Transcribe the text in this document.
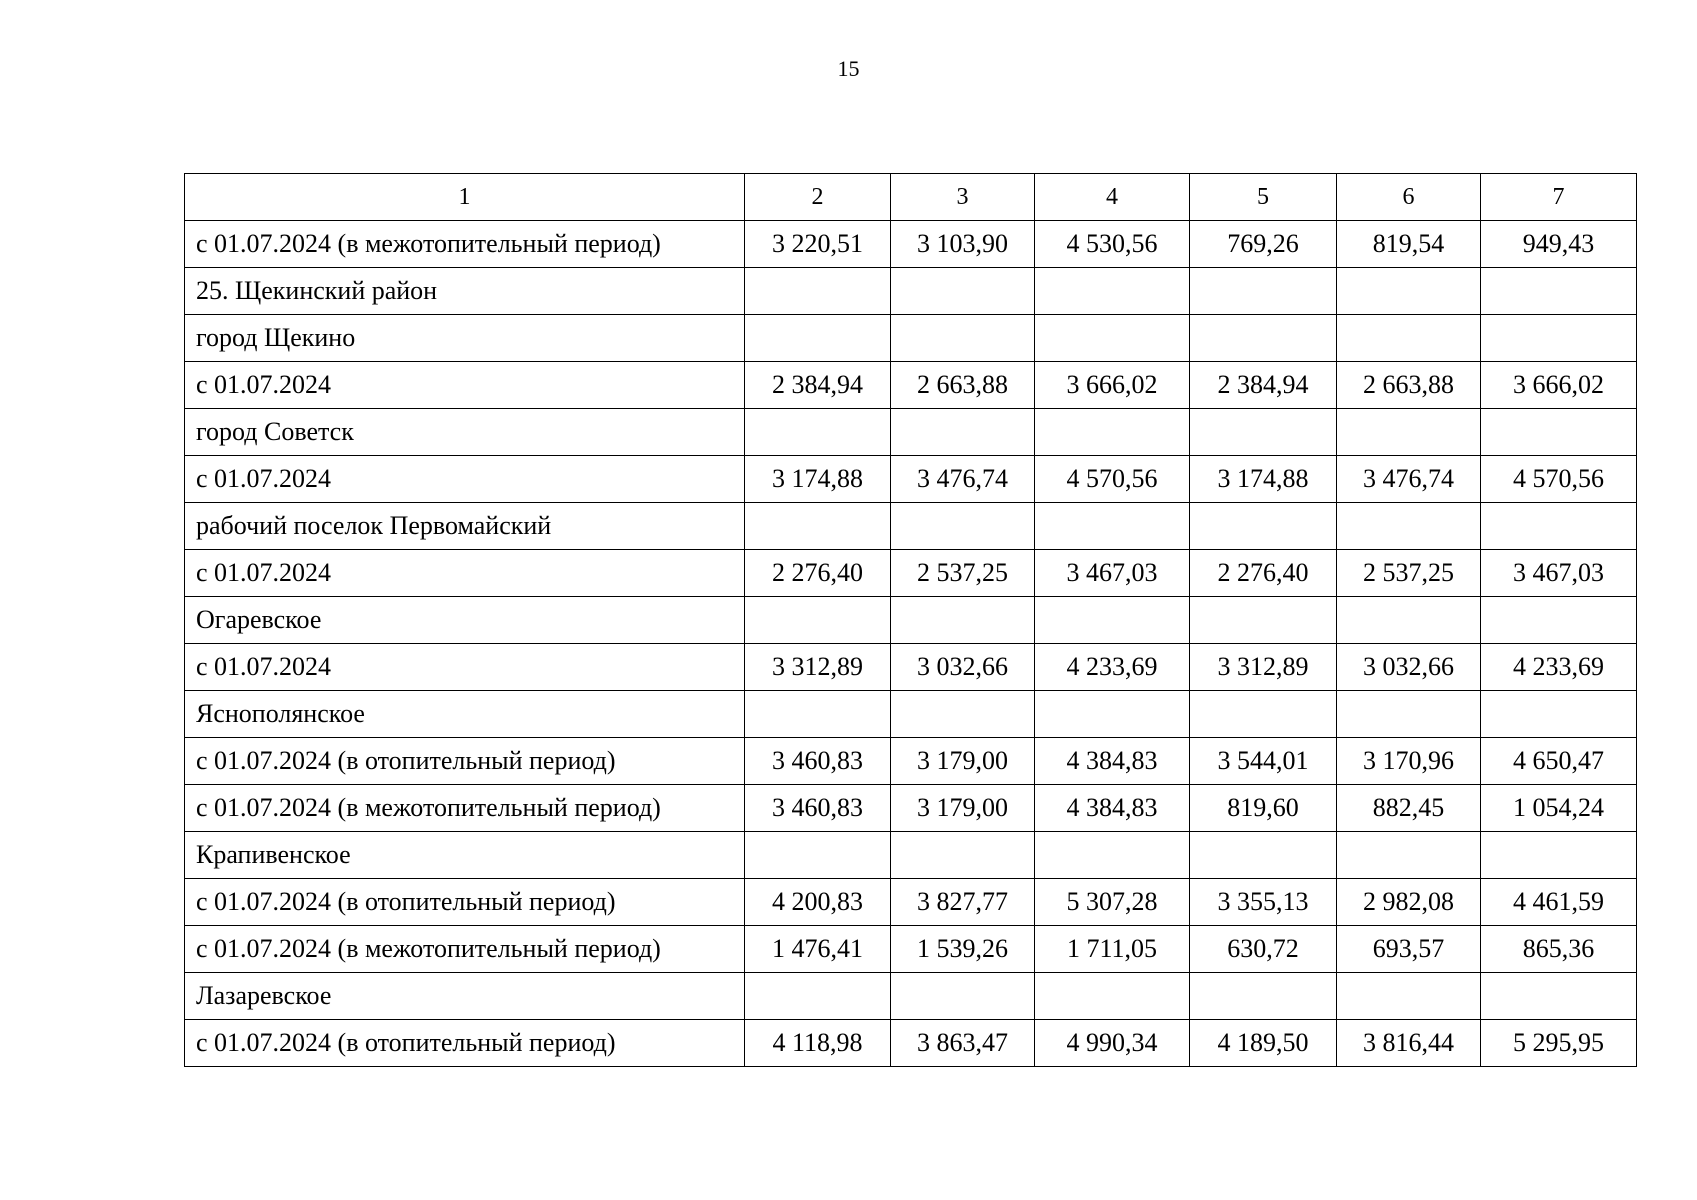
15
1	2	3	4	5	6	7
с 01.07.2024 (в межотопительный период)	3 220,51	3 103,90	4 530,56	769,26	819,54	949,43
25. Щекинский район						
город Щекино						
с 01.07.2024	2 384,94	2 663,88	3 666,02	2 384,94	2 663,88	3 666,02
город Советск						
с 01.07.2024	3 174,88	3 476,74	4 570,56	3 174,88	3 476,74	4 570,56
рабочий поселок Первомайский						
с 01.07.2024	2 276,40	2 537,25	3 467,03	2 276,40	2 537,25	3 467,03
Огаревское						
с 01.07.2024	3 312,89	3 032,66	4 233,69	3 312,89	3 032,66	4 233,69
Яснополянское						
с 01.07.2024 (в отопительный период)	3 460,83	3 179,00	4 384,83	3 544,01	3 170,96	4 650,47
с 01.07.2024 (в межотопительный период)	3 460,83	3 179,00	4 384,83	819,60	882,45	1 054,24
Крапивенское						
с 01.07.2024 (в отопительный период)	4 200,83	3 827,77	5 307,28	3 355,13	2 982,08	4 461,59
с 01.07.2024 (в межотопительный период)	1 476,41	1 539,26	1 711,05	630,72	693,57	865,36
Лазаревское						
с 01.07.2024 (в отопительный период)	4 118,98	3 863,47	4 990,34	4 189,50	3 816,44	5 295,95
